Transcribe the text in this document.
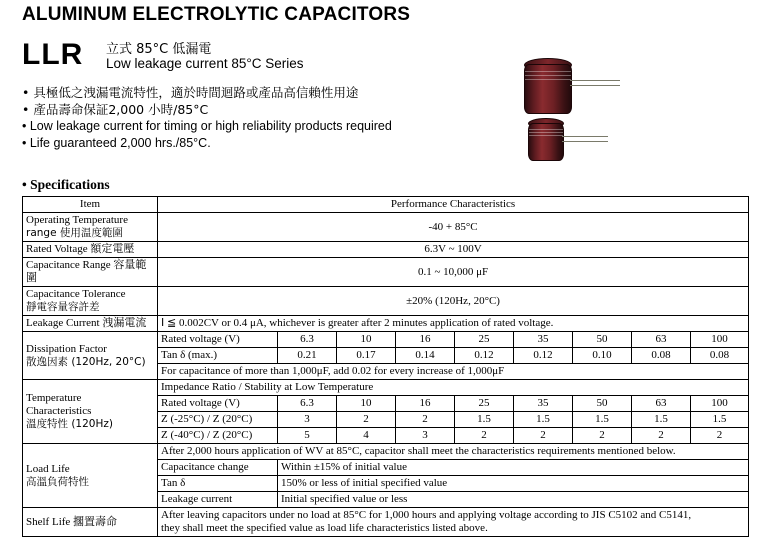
ALUMINUM ELECTROLYTIC CAPACITORS
LLR 立式 85°C 低漏電
Low leakage current 85°C Series
• 具極低之洩漏電流特性，適於時間迴路或產品高信賴性用途
• 產品壽命保証2,000 小時/85°C
• Low leakage current for timing or high reliability products required
• Life guaranteed 2,000 hrs./85°C.
• Specifications
Item	Performance Characteristics								

Operating Temperature
range 使用温度範圍	-40 + 85°C								
Rated Voltage 額定電壓	6.3V ~ 100V								
Capacitance Range 容量範圍	0.1 ~ 10,000 μF								

Capacitance Tolerance
靜電容量容許差	±20% (120Hz, 20°C)								
Leakage Current 洩漏電流	Ⅰ ≦ 0.002CV or 0.4 μA, whichever is greater after 2 minutes application of rated voltage.								

Dissipation Factor
散逸因素 (120Hz, 20°C)	Rated voltage (V)	6.3	10	16	25	35	50	63	100
	Tan δ (max.)	0.21	0.17	0.14	0.12	0.12	0.10	0.08	0.08
	For capacitance of more than 1,000μF, add 0.02 for every increase of 1,000μF								

Temperature
Characteristics
溫度特性 (120Hz)	Impedance Ratio / Stability at Low Temperature								
	Rated voltage (V)	6.3	10	16	25	35	50	63	100
	Z (-25°C) / Z (20°C)	3	2	2	1.5	1.5	1.5	1.5	1.5
	Z (-40°C) / Z (20°C)	5	4	3	2	2	2	2	2

Load Life
高溫負荷特性	After 2,000 hours application of WV at 85°C, capacitor shall meet the characteristics requirements mentioned below.								
	Capacitance change	Within ±15% of initial value							
	Tan δ	150% or less of initial specified value							
	Leakage current	Initial specified value or less							
Shelf Life 擱置壽命	After leaving capacitors under no load at 85°C for 1,000 hours and applying voltage according to JIS C5102 and C5141,
they shall meet the specified value as load life characteristics listed above.								
